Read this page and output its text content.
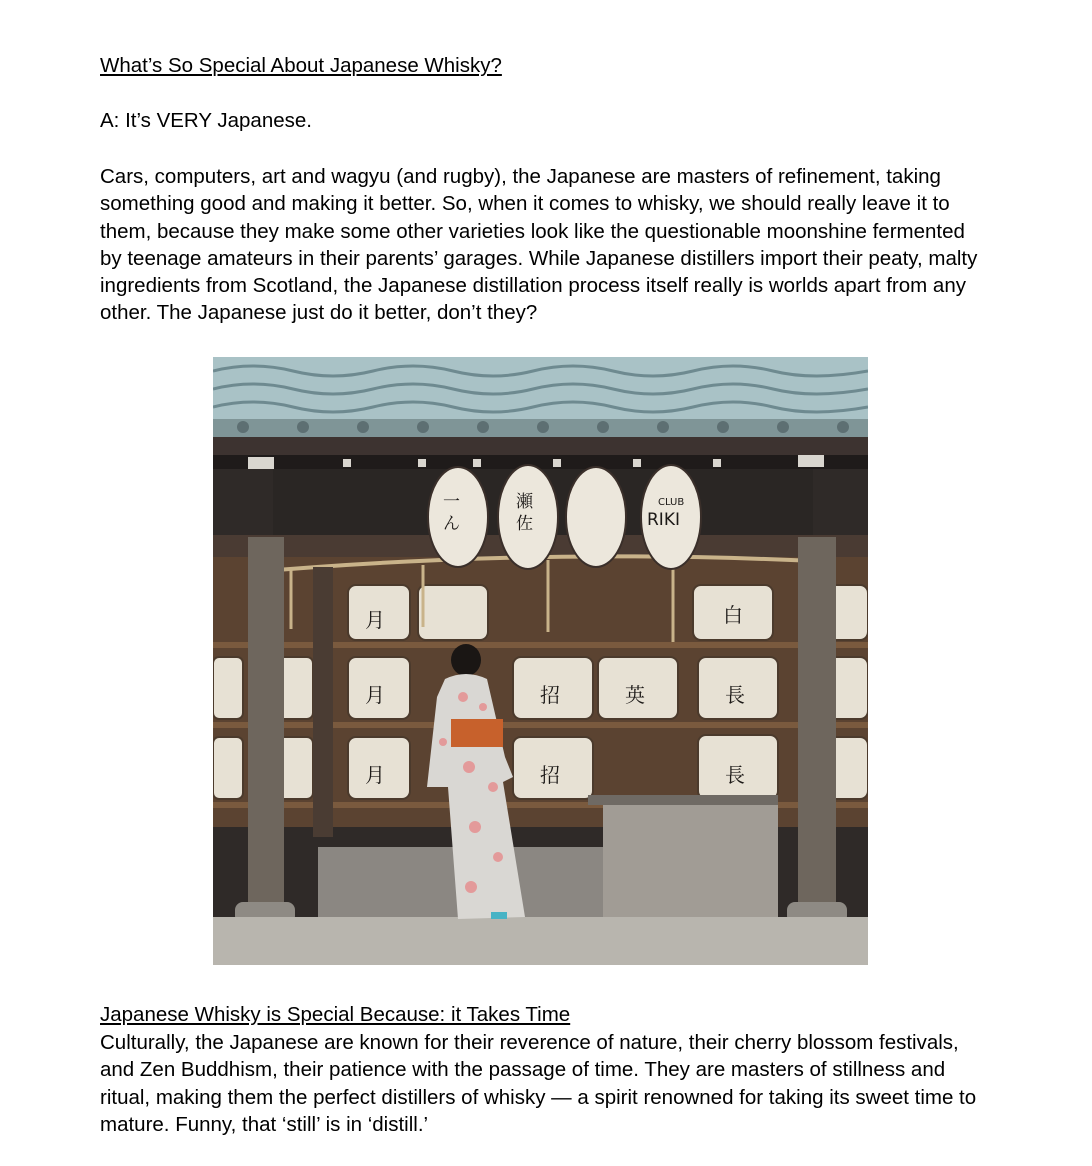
What’s So Special About Japanese Whisky?
A: It’s VERY Japanese.

Cars, computers, art and wagyu (and rugby), the Japanese are masters of refinement, taking something good and making it better. So, when it comes to whisky, we should really leave it to them, because they make some other varieties look like the questionable moonshine fermented by teenage amateurs in their parents’ garages. While Japanese distillers import their peaty, malty ingredients from Scotland, the Japanese distillation process itself really is worlds apart from any other. The Japanese just do it better, don’t they?

月
月
月
招	英	長
招	長
白
一
ん
瀬
佐
CLUB
RIKI
Japanese Whisky is Special Because: it Takes Time

Culturally, the Japanese are known for their reverence of nature, their cherry blossom festivals, and Zen Buddhism, their patience with the passage of time. They are masters of stillness and ritual, making them the perfect distillers of whisky — a spirit renowned for taking its sweet time to mature. Funny, that ‘still’ is in ‘distill.’
